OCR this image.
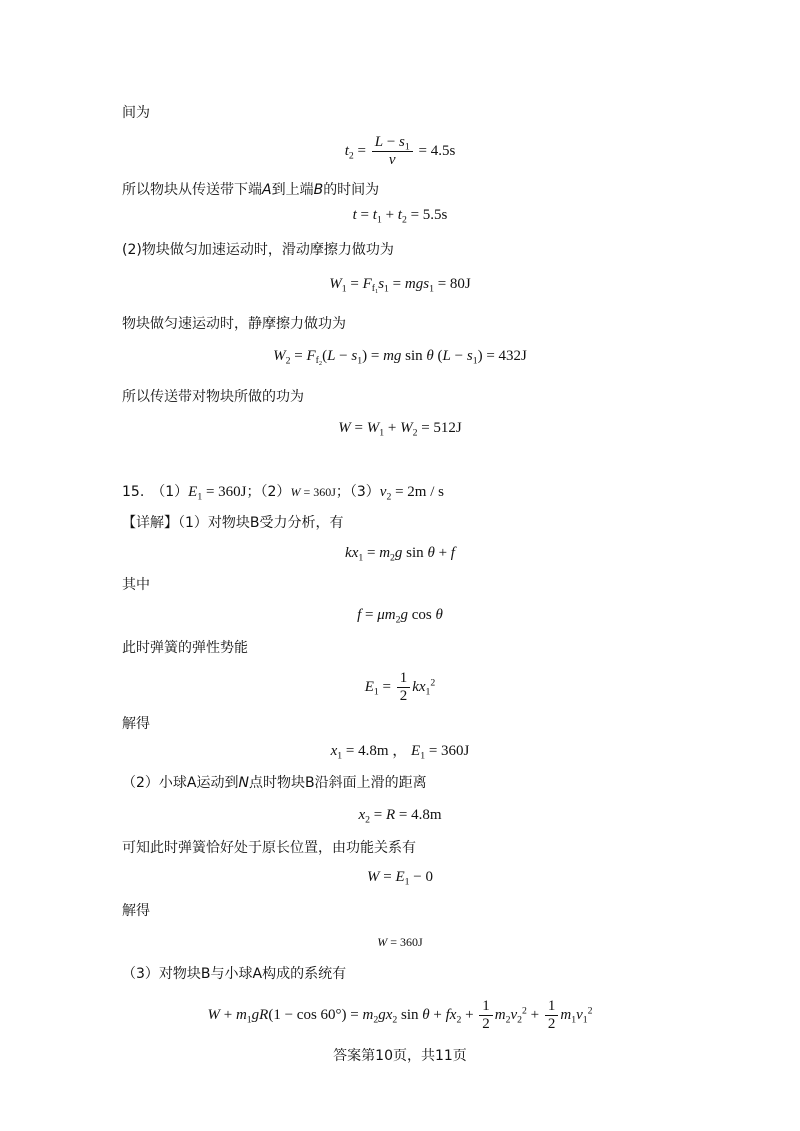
间为

$t_2 = \frac{L - s_1}{v} = 4.5s$

所以物块从传送带下端A到上端B的时间为

$t = t_1 + t_2 = 5.5s$

(2)物块做匀加速运动时，滑动摩擦力做功为

$W_1 = F_{f_1}s_1 = mgs_1 = 80J$

物块做匀速运动时，静摩擦力做功为

$W_2 = F_{f_2}(L - s_1)$ = mg sin θ $(L - s_1) = 432J$

所以传送带对物块所做的功为

$W = W_1 + W_2 = 512J$

15.　$(1)E_1 = 360J$；（2）W = 360J；$(3)v_2 = 2m / s$

【详解】（1）对物块B受力分析，有

$kx_1 = m_2g$ sin θ + f

其中

$f = \mu m_2g$ cos θ

此时弹簧的弹性势能

$E_1 = \frac{1}{2} kx_1^2$

解得

$x_1 = 4.8m$ ， $E_1 = 360J$

（2）小球A运动到N点时物块B沿斜面上滑的距离

$x_2 = R = 4.8m$

可知此时弹簧恰好处于原长位置，由功能关系有

$W = E_1 - 0$

解得

W = 360J

（3）对物块B与小球A构成的系统有

$W + m_1gR(1 - \cos 60^\circ) = m_2gx_2$ $\sin \theta + fx_2 + \frac{1}{2} m_2v_2^2 + \frac{1}{2} m_1v_1^2$

答案第10页，共11页
